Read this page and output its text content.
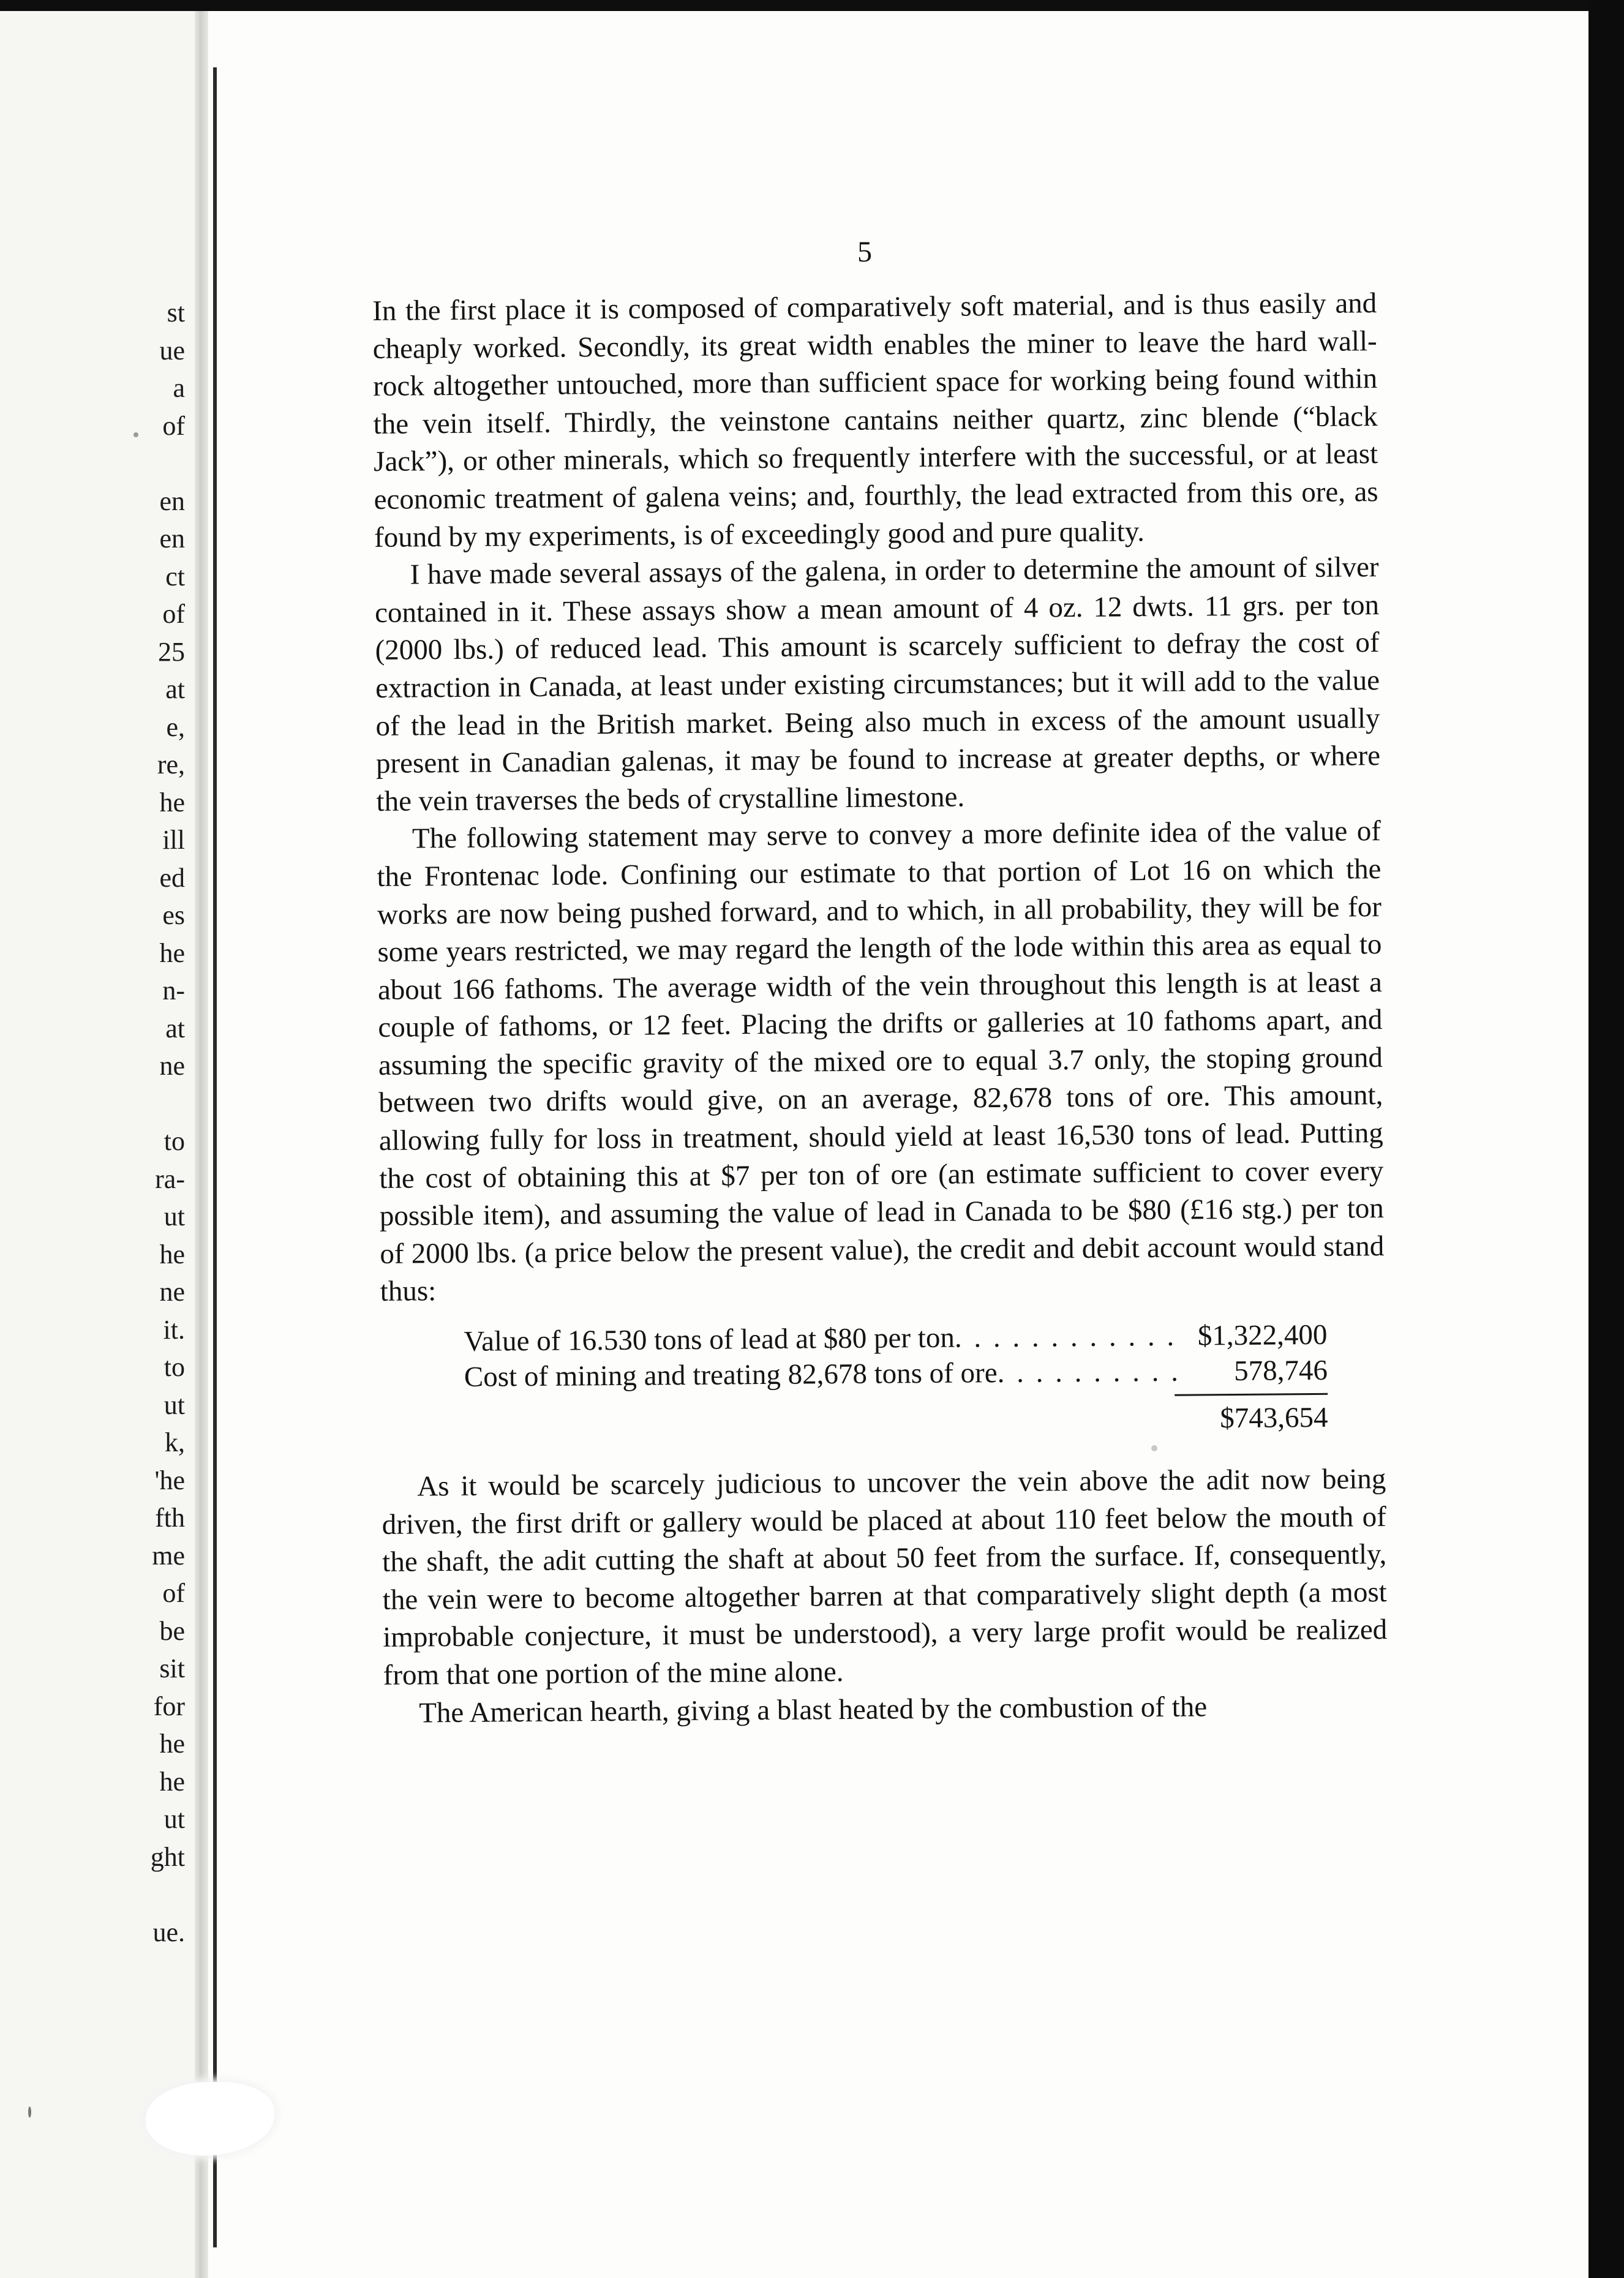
st
ue
a
of
en
en
ct
of
25
at
e,
re,
he
ill
ed
es
he
n-
at
ne
to
ra-
ut
he
ne
it.
to
ut
k,
'he
fth
me
of
be
sit
for
he
he
ut
ght
ue.
5

In the first place it is composed of comparatively soft material, and is thus easily and cheaply worked. Secondly, its great width enables the miner to leave the hard wall-rock altogether untouched, more than sufficient space for working being found within the vein itself. Thirdly, the veinstone cantains neither quartz, zinc blende (“black Jack”), or other minerals, which so frequently interfere with the successful, or at least economic treatment of galena veins; and, fourthly, the lead extracted from this ore, as found by my experiments, is of exceedingly good and pure quality.

I have made several assays of the galena, in order to determine the amount of silver contained in it. These assays show a mean amount of 4 oz. 12 dwts. 11 grs. per ton (2000 lbs.) of reduced lead. This amount is scarcely sufficient to defray the cost of extraction in Canada, at least under existing circumstances; but it will add to the value of the lead in the British market. Being also much in excess of the amount usually present in Canadian galenas, it may be found to increase at greater depths, or where the vein traverses the beds of crystalline limestone.

The following statement may serve to convey a more definite idea of the value of the Frontenac lode. Confining our estimate to that portion of Lot 16 on which the works are now being pushed forward, and to which, in all probability, they will be for some years restricted, we may regard the length of the lode within this area as equal to about 166 fathoms. The average width of the vein throughout this length is at least a couple of fathoms, or 12 feet. Placing the drifts or galleries at 10 fathoms apart, and assuming the specific gravity of the mixed ore to equal 3.7 only, the stoping ground between two drifts would give, on an average, 82,678 tons of ore. This amount, allowing fully for loss in treatment, should yield at least 16,530 tons of lead. Putting the cost of obtaining this at $7 per ton of ore (an estimate sufficient to cover every possible item), and assuming the value of lead in Canada to be $80 (£16 stg.) per ton of 2000 lbs. (a price below the present value), the credit and debit account would stand thus:

Value of 16.530 tons of lead at $80 per ton . . .	$1,322,400
Cost of mining and treating 82,678 tons of ore . . .	578,746
$743,654

As it would be scarcely judicious to uncover the vein above the adit now being driven, the first drift or gallery would be placed at about 110 feet below the mouth of the shaft, the adit cutting the shaft at about 50 feet from the surface. If, consequently, the vein were to become altogether barren at that comparatively slight depth (a most improbable conjecture, it must be understood), a very large profit would be realized from that one portion of the mine alone.

The American hearth, giving a blast heated by the combustion of the
